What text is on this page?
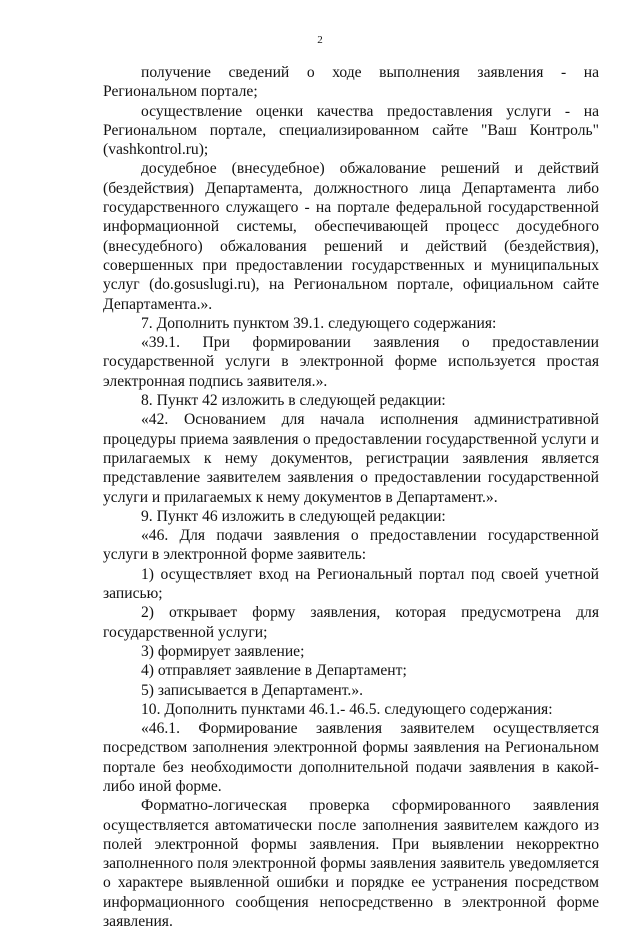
2

получение сведений о ходе выполнения заявления - на Региональном портале;

осуществление оценки качества предоставления услуги - на Региональном портале, специализированном сайте "Ваш Контроль" (vashkontrol.ru);

досудебное (внесудебное) обжалование решений и действий (бездействия) Департамента, должностного лица Департамента либо государственного служащего - на портале федеральной государственной информационной системы, обеспечивающей процесс досудебного (внесудебного) обжалования решений и действий (бездействия), совершенных при предоставлении государственных и муниципальных услуг (do.gosuslugi.ru), на Региональном портале, официальном сайте Департамента.».

7. Дополнить пунктом 39.1. следующего содержания:

«39.1. При формировании заявления о предоставлении государственной услуги в электронной форме используется простая электронная подпись заявителя.».

8. Пункт 42 изложить в следующей редакции:

«42. Основанием для начала исполнения административной процедуры приема заявления о предоставлении государственной услуги и прилагаемых к нему документов, регистрации заявления является представление заявителем заявления о предоставлении государственной услуги и прилагаемых к нему документов в Департамент.».

9. Пункт 46 изложить в следующей редакции:

«46. Для подачи заявления о предоставлении государственной услуги в электронной форме заявитель:

1) осуществляет вход на Региональный портал под своей учетной записью;

2) открывает форму заявления, которая предусмотрена для государственной услуги;

3) формирует заявление;

4) отправляет заявление в Департамент;

5) записывается в Департамент.».

10. Дополнить пунктами 46.1.- 46.5. следующего содержания:

«46.1. Формирование заявления заявителем осуществляется посредством заполнения электронной формы заявления на Региональном портале без необходимости дополнительной подачи заявления в какой-либо иной форме.

Форматно-логическая проверка сформированного заявления осуществляется автоматически после заполнения заявителем каждого из полей электронной формы заявления. При выявлении некорректно заполненного поля электронной формы заявления заявитель уведомляется о характере выявленной ошибки и порядке ее устранения посредством информационного сообщения непосредственно в электронной форме заявления.
